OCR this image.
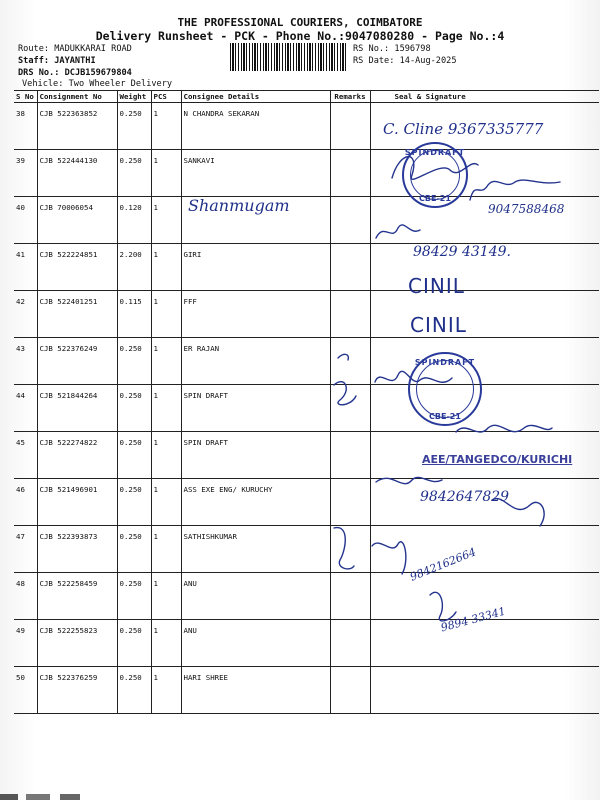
THE PROFESSIONAL COURIERS, COIMBATORE
Delivery Runsheet - PCK - Phone No.:9047080280 - Page No.:4
Route: MADUKKARAI ROAD
Staff: JAYANTHI
DRS No.: DCJB159679804
Vehicle: Two Wheeler Delivery
RS No.: 1596798
RS Date: 14-Aug-2025
S No	Consignment No	Weight	PCS	Consignee Details	Remarks	Seal & Signature
38	CJB 522363852	0.250	1	N CHANDRA SEKARAN		
39	CJB 522444130	0.250	1	SANKAVI		
40	CJB 70006054	0.120	1			
41	CJB 522224851	2.200	1	GIRI		
42	CJB 522401251	0.115	1	FFF		
43	CJB 522376249	0.250	1	ER RAJAN		
44	CJB 521844264	0.250	1	SPIN DRAFT		
45	CJB 522274822	0.250	1	SPIN DRAFT		
46	CJB 521496901	0.250	1	ASS EXE ENG/ KURUCHY		
47	CJB 522393873	0.250	1	SATHISHKUMAR		
48	CJB 522258459	0.250	1	ANU		
49	CJB 522255823	0.250	1	ANU		
50	CJB 522376259	0.250	1	HARI SHREE		
C. Cline 9367335777
SPINDRAFT
CBE-21
Shanmugam	9047588468
98429 43149.
CINIL
CINIL
SPINDRAFT
CBE-21
AEE/TANGEDCO/KURICHI
9842647829
9842162664
9894 33341
